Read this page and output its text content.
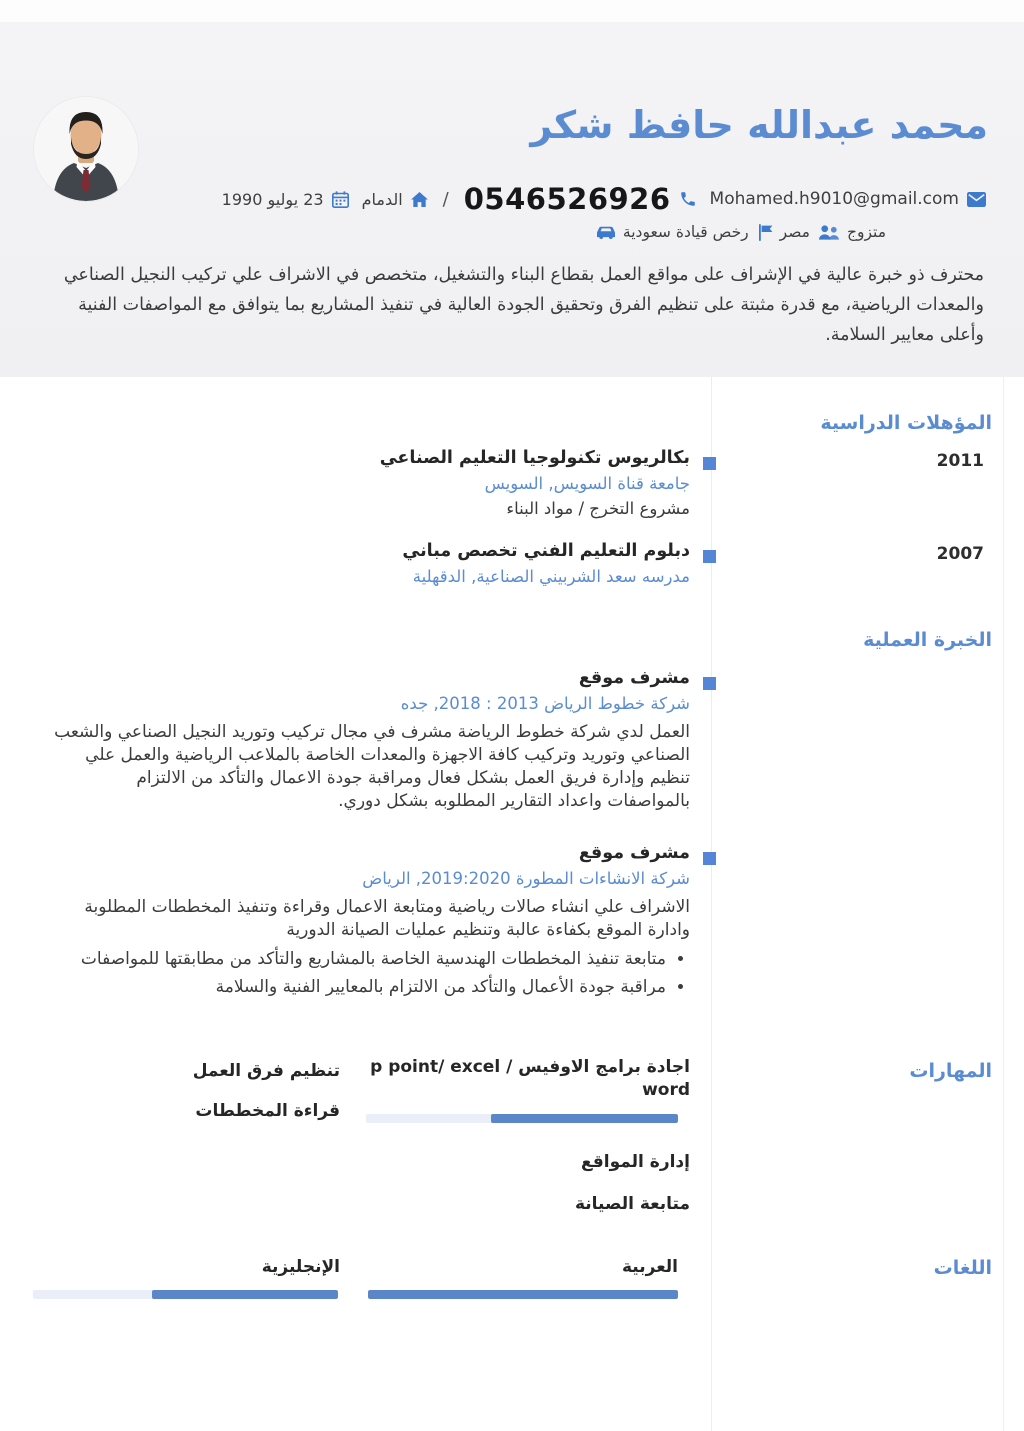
محمد عبدالله حافظ شكر
Mohamed.h9010@gmail.com
0546526926
/
الدمام
23 يوليو 1990
رخص قيادة سعودية مصر متزوج

محترف ذو خبرة عالية في الإشراف على مواقع العمل بقطاع البناء والتشغيل، متخصص في الاشراف علي تركيب النجيل الصناعي والمعدات الرياضية، مع قدرة مثبتة على تنظيم الفرق وتحقيق الجودة العالية في تنفيذ المشاريع بما يتوافق مع المواصفات الفنية وأعلى معايير السلامة.

المؤهلات الدراسية
2011
2007
الخبرة العملية
المهارات
اللغات

بكالريوس تكنولوجيا التعليم الصناعي

جامعة قناة السويس, السويس

مشروع التخرج / مواد البناء

دبلوم التعليم الفني تخصص مباني

مدرسه سعد الشربيني الصناعية, الدقهلية

مشرف موقع

شركة خطوط الرياض 2013 : 2018, جده

العمل لدي شركة خطوط الرياضة مشرف في مجال تركيب وتوريد النجيل الصناعي والشعب الصناعي وتوريد وتركيب كافة الاجهزة والمعدات الخاصة بالملاعب الرياضية والعمل علي تنظيم وإدارة فريق العمل بشكل فعال ومراقبة جودة الاعمال والتأكد من الالتزام بالمواصفات واعداد التقارير المطلوبه بشكل دوري.

مشرف موقع

شركة الانشاءات المطورة 2019:2020, الرياض

الاشراف علي انشاء صالات رياضية ومتابعة الاعمال وقراءة وتنفيذ المخططات المطلوبة وادارة الموقع بكفاءة عالبة وتنظيم عمليات الصيانة الدورية

• متابعة تنفيذ المخططات الهندسية الخاصة بالمشاريع والتأكد من مطابقتها للمواصفات
• مراقبة جودة الأعمال والتأكد من الالتزام بالمعايير الفنية والسلامة
اجادة برامج الاوفيس p point/ excel / word

تنظيم فرق العمل

قراءة المخططات

إدارة المواقع

متابعة الصيانة

العربية

الإنجليزية
